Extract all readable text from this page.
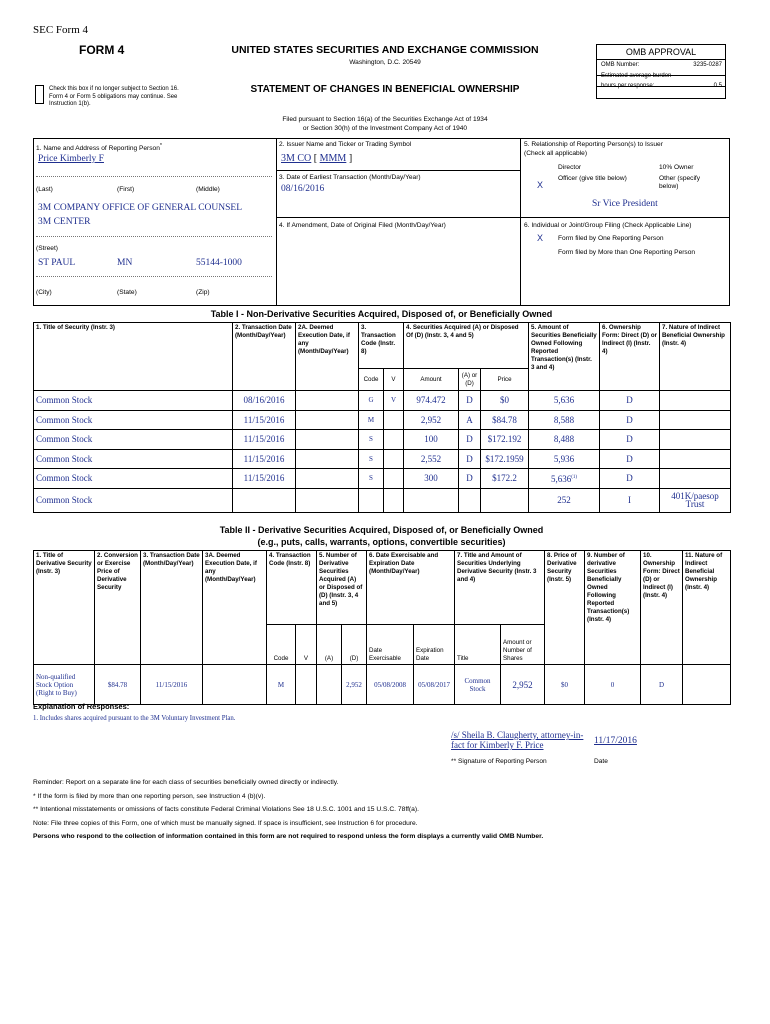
SEC Form 4
FORM 4	UNITED STATES SECURITIES AND EXCHANGE COMMISSION
Washington, D.C. 20549
STATEMENT OF CHANGES IN BENEFICIAL OWNERSHIP
Check this box if no longer subject to Section 16. Form 4 or Form 5 obligations may continue. See Instruction 1(b).
OMB APPROVAL
OMB Number:	3235-0287
Estimated average burden
hours per response:	0.5
Filed pursuant to Section 16(a) of the Securities Exchange Act of 1934
or Section 30(h) of the Investment Company Act of 1940
1. Name and Address of Reporting Person*
Price Kimberly F
(Last)	(First)	(Middle)
3M COMPANY OFFICE OF GENERAL COUNSEL
3M CENTER
(Street)
ST PAUL	MN	55144-1000
(City)	(State)	(Zip)
2. Issuer Name and Ticker or Trading Symbol
3M CO [ MMM ]
3. Date of Earliest Transaction (Month/Day/Year)
08/16/2016
4. If Amendment, Date of Original Filed (Month/Day/Year)
5. Relationship of Reporting Person(s) to Issuer
(Check all applicable)
Director	10% Owner
X
Officer (give title below)	Other (specify below)
Sr Vice President
6. Individual or Joint/Group Filing (Check Applicable Line)
X Form filed by One Reporting Person
Form filed by More than One Reporting Person
Table I - Non-Derivative Securities Acquired, Disposed of, or Beneficially Owned
1. Title of Security (Instr. 3)	2. Transaction Date (Month/Day/Year)	2A. Deemed Execution Date, if any (Month/Day/Year)	3. Transaction Code (Instr. 8)		4. Securities Acquired (A) or Disposed Of (D) (Instr. 3, 4 and 5)			5. Amount of Securities Beneficially Owned Following Reported Transaction(s) (Instr. 3 and 4)	6. Ownership Form: Direct (D) or Indirect (I) (Instr. 4)	7. Nature of Indirect Beneficial Ownership (Instr. 4)
			Code	V	Amount	(A) or (D)	Price			
Common Stock	08/16/2016		G	V	974.472	D	$0	5,636	D	
Common Stock	11/15/2016		M		2,952	A	$84.78	8,588	D	
Common Stock	11/15/2016		S		100	D	$172.192	8,488	D	
Common Stock	11/15/2016		S		2,552	D	$172.1959	5,936	D	
Common Stock	11/15/2016		S		300	D	$172.2	5,636$^{(1)}$	D	
Common Stock								252	I	401K/paesop Trust
Table II - Derivative Securities Acquired, Disposed of, or Beneficially Owned
(e.g., puts, calls, warrants, options, convertible securities)
1. Title of Derivative Security (Instr. 3)	2. Conversion or Exercise Price of Derivative Security	3. Transaction Date (Month/Day/Year)	3A. Deemed Execution Date, if any (Month/Day/Year)	4. Transaction Code (Instr. 8)		5. Number of Derivative Securities Acquired (A) or Disposed of (D) (Instr. 3, 4 and 5)		6. Date Exercisable and Expiration Date (Month/Day/Year)		7. Title and Amount of Securities Underlying Derivative Security (Instr. 3 and 4)		8. Price of Derivative Security (Instr. 5)	9. Number of derivative Securities Beneficially Owned Following Reported Transaction(s) (Instr. 4)	10. Ownership Form: Direct (D) or Indirect (I) (Instr. 4)	11. Nature of Indirect Beneficial Ownership (Instr. 4)
				Code	V	(A)	(D)	Date Exercisable	Expiration Date	Title	Amount or Number of Shares				
Non-qualified Stock Option (Right to Buy)	$84.78	11/15/2016		M			2,952	05/08/2008	05/08/2017	Common Stock	2,952	$0	0	D	
Explanation of Responses:
1. Includes shares acquired pursuant to the 3M Voluntary Investment Plan.
/s/ Sheila B. Claugherty, attorney-in-fact for Kimberly F. Price	11/17/2016
** Signature of Reporting Person	Date
Reminder: Report on a separate line for each class of securities beneficially owned directly or indirectly.
* If the form is filed by more than one reporting person, see Instruction 4 (b)(v).
** Intentional misstatements or omissions of facts constitute Federal Criminal Violations See 18 U.S.C. 1001 and 15 U.S.C. 78ff(a).
Note: File three copies of this Form, one of which must be manually signed. If space is insufficient, see Instruction 6 for procedure.
Persons who respond to the collection of information contained in this form are not required to respond unless the form displays a currently valid OMB Number.
